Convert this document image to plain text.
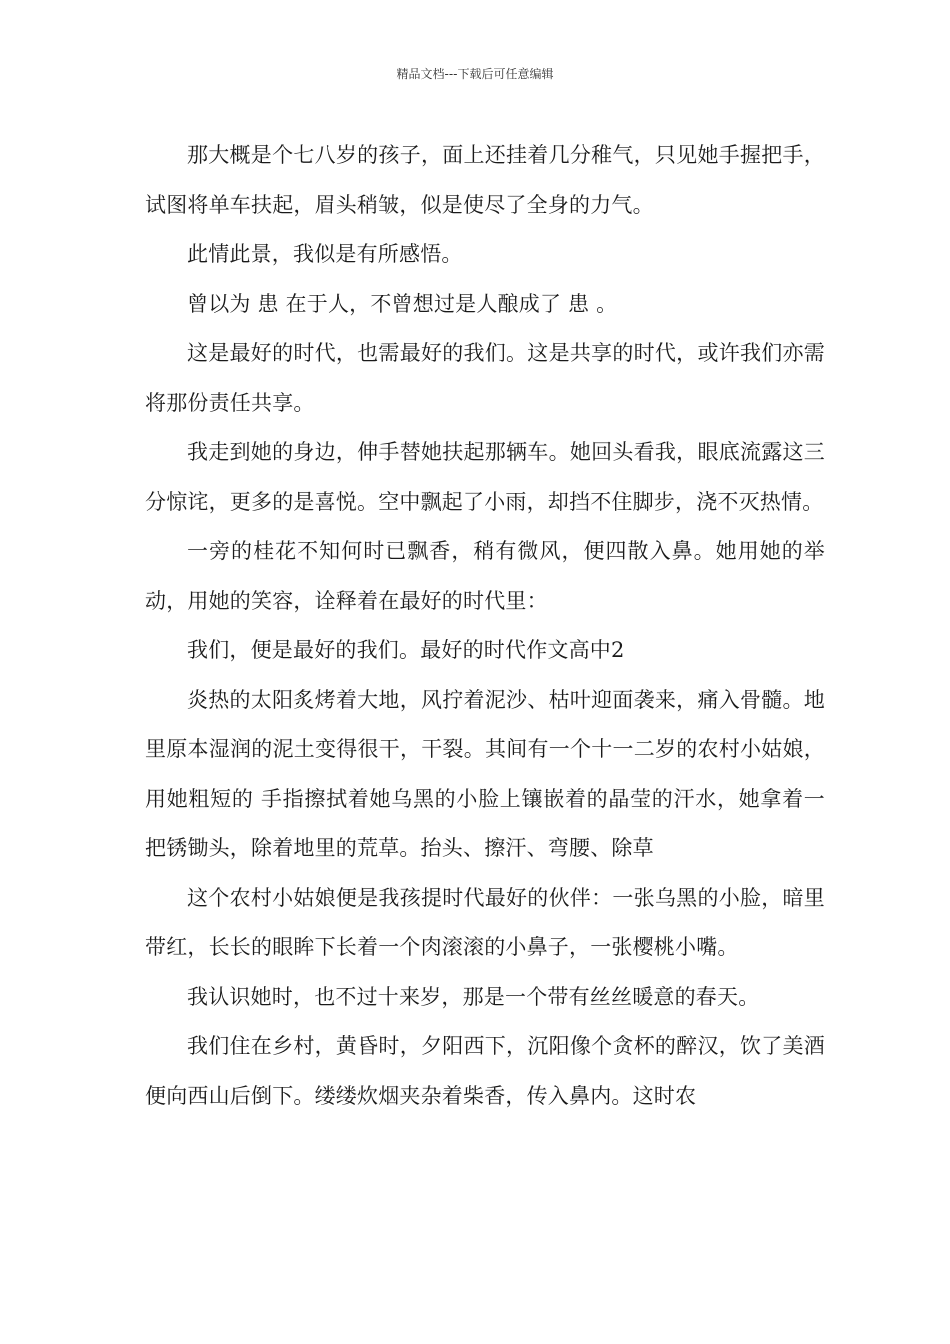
精品文档---下载后可任意编辑

那大概是个七八岁的孩子，面上还挂着几分稚气，只见她手握把手，试图将单车扶起，眉头稍皱，似是使尽了全身的力气。

此情此景，我似是有所感悟。

曾以为 患 在于人，不曾想过是人酿成了 患 。

这是最好的时代，也需最好的我们。这是共享的时代，或许我们亦需将那份责任共享。

我走到她的身边，伸手替她扶起那辆车。她回头看我，眼底流露这三分惊诧，更多的是喜悦。空中飘起了小雨，却挡不住脚步，浇不灭热情。

一旁的桂花不知何时已飘香，稍有微风，便四散入鼻。她用她的举动，用她的笑容，诠释着在最好的时代里：

我们，便是最好的我们。最好的时代作文高中2

炎热的太阳炙烤着大地，风拧着泥沙、枯叶迎面袭来，痛入骨髓。地里原本湿润的泥土变得很干，干裂。其间有一个十一二岁的农村小姑娘，用她粗短的 手指擦拭着她乌黑的小脸上镶嵌着的晶莹的汗水，她拿着一把锈锄头，除着地里的荒草。抬头、擦汗、弯腰、除草

这个农村小姑娘便是我孩提时代最好的伙伴：一张乌黑的小脸，暗里带红，长长的眼眸下长着一个肉滚滚的小鼻子，一张樱桃小嘴。

我认识她时，也不过十来岁，那是一个带有丝丝暖意的春天。

我们住在乡村，黄昏时，夕阳西下，沉阳像个贪杯的醉汉，饮了美酒便向西山后倒下。缕缕炊烟夹杂着柴香，传入鼻内。这时农
